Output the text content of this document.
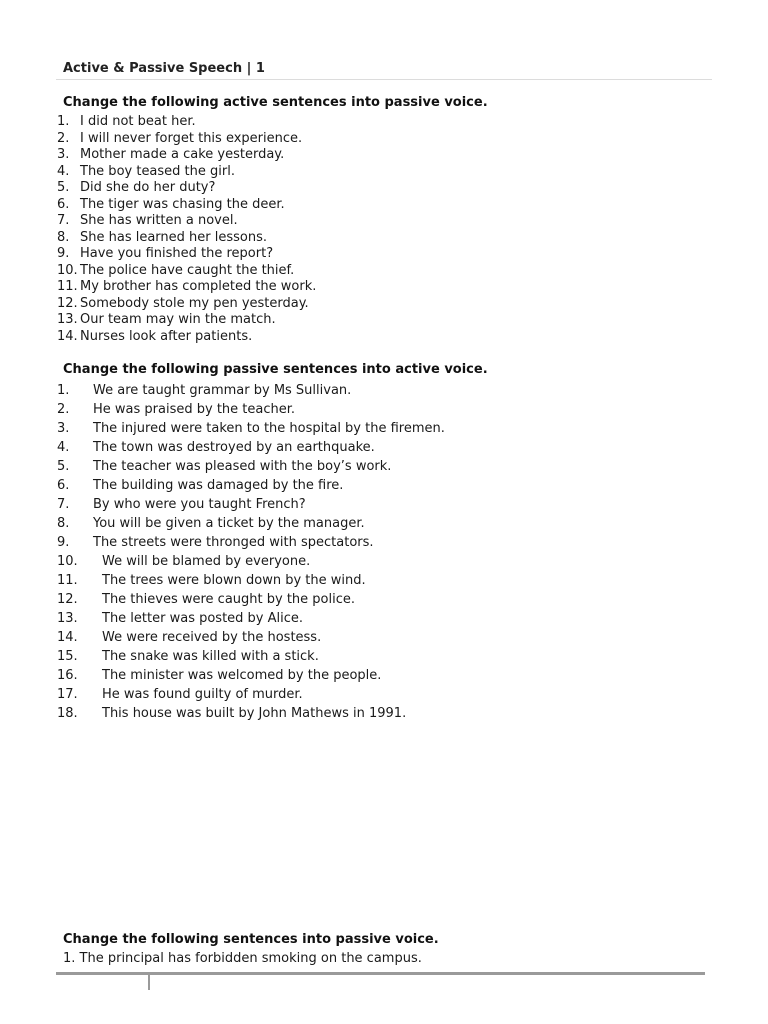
Active & Passive Speech | 1
Change the following active sentences into passive voice.
1. I did not beat her.
2. I will never forget this experience.
3. Mother made a cake yesterday.
4. The boy teased the girl.
5. Did she do her duty?
6. The tiger was chasing the deer.
7. She has written a novel.
8. She has learned her lessons.
9. Have you finished the report?
10. The police have caught the thief.
11. My brother has completed the work.
12. Somebody stole my pen yesterday.
13. Our team may win the match.
14. Nurses look after patients.
Change the following passive sentences into active voice.
1.	We are taught grammar by Ms Sullivan.
2.	He was praised by the teacher.
3.	The injured were taken to the hospital by the firemen.
4.	The town was destroyed by an earthquake.
5.	The teacher was pleased with the boy’s work.
6.	The building was damaged by the fire.
7.	By who were you taught French?
8.	You will be given a ticket by the manager.
9.	The streets were thronged with spectators.
10.	We will be blamed by everyone.
11.	The trees were blown down by the wind.
12.	The thieves were caught by the police.
13.	The letter was posted by Alice.
14.	We were received by the hostess.
15.	The snake was killed with a stick.
16.	The minister was welcomed by the people.
17.	He was found guilty of murder.
18.	This house was built by John Mathews in 1991.
Change the following sentences into passive voice.
1. The principal has forbidden smoking on the campus.
